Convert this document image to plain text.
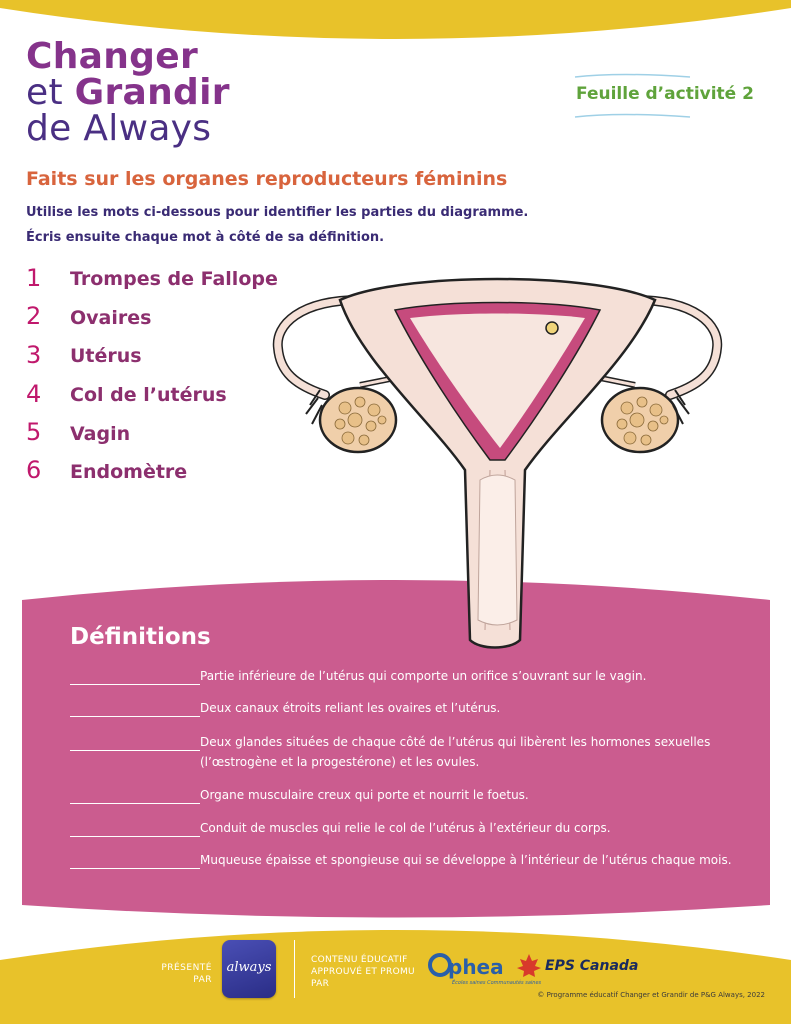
Changer
et Grandir
de Always
Feuille d’activité 2
Faits sur les organes reproducteurs féminins
Utilise les mots ci-dessous pour identifier les parties du diagramme.
Écris ensuite chaque mot à côté de sa définition.
1	Trompes de Fallope
2	Ovaires
3	Utérus
4	Col de l’utérus
5	Vagin
6	Endomètre
Définitions
Partie inférieure de l’utérus qui comporte un orifice s’ouvrant sur le vagin.
Deux canaux étroits reliant les ovaires et l’utérus.
Deux glandes situées de chaque côté de l’utérus qui libèrent les hormones sexuelles (l’œstrogène et la progestérone) et les ovules.
Organe musculaire creux qui porte et nourrit le foetus.
Conduit de muscles qui relie le col de l’utérus à l’extérieur du corps.
Muqueuse épaisse et spongieuse qui se développe à l’intérieur de l’utérus chaque mois.
PRÉSENTÉ PAR
always	CONTENU ÉDUCATIF APPROUVÉ ET PROMU PAR
phea
Écoles saines Communautés saines
EPS Canada
© Programme éducatif Changer et Grandir de P&G Always, 2022
